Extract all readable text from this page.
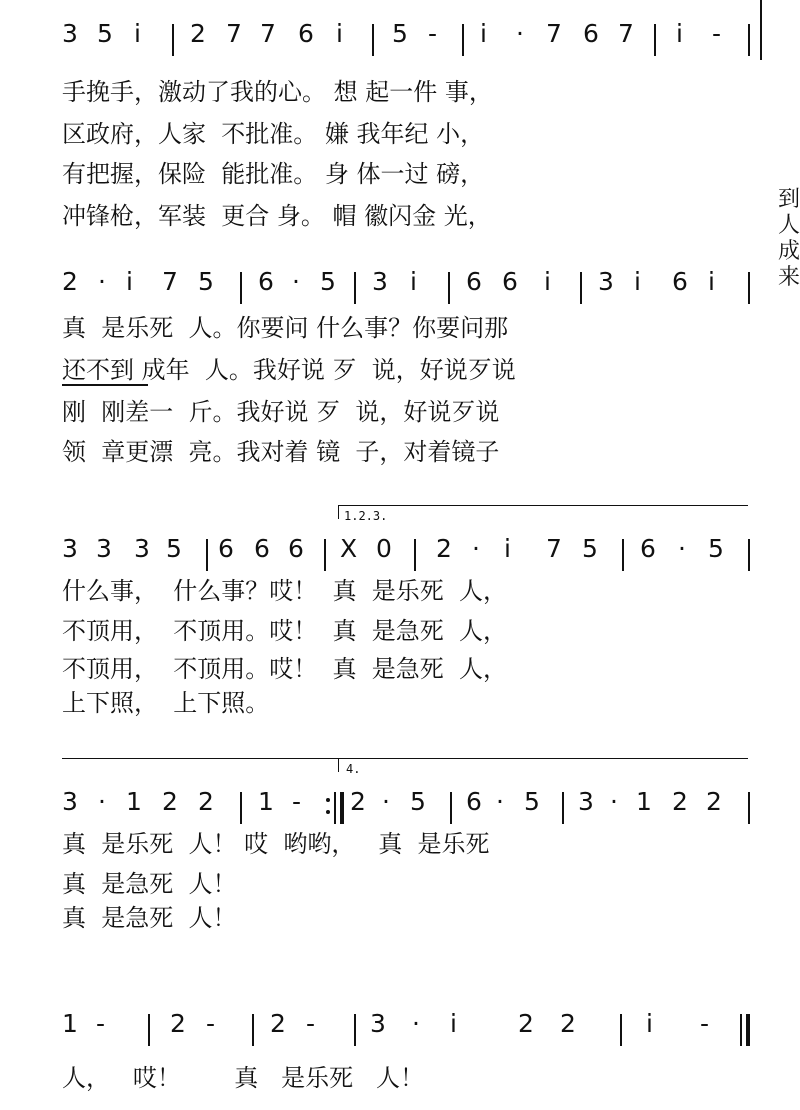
3 5 i 2 7 7 6 i 5 - i · 7 6 7 i -
手挽手，激动了我的心。 想 起一件 事，
区政府，人家  不批准。 嫌 我年纪 小，
有把握，保险  能批准。 身 体一过 磅，
冲锋枪，军装  更合 身。 帽 徽闪金 光，
2 · i 7 5 6 · 5 3 i 6 6 i 3 i 6 i
真  是乐死  人。你要问 什么事？你要问那
还不到 成年  人。我好说 歹  说，好说歹说
刚  刚差一  斤。我好说 歹  说，好说歹说
领  章更漂  亮。我对着 镜  子，对着镜子
1.2.3.
3 3 3 5 6 6 6 X 0 2 · i 7 5 6 · 5
什么事，  什么事？哎！  真  是乐死  人，
不顶用，  不顶用。哎！  真  是急死  人，
不顶用，  不顶用。哎！  真  是急死  人，
上下照，  上下照。
4.
3 · 1 2 2 1 - 2 · 5 6 · 5 3 · 1 2 2
真  是乐死  人！ 哎  哟哟，   真  是乐死
真  是急死  人！
真  是急死  人！
1 -	2 - 2 - 3 · i 2 2	i -
人，   哎！       真   是乐死   人！
到
人
成
来
